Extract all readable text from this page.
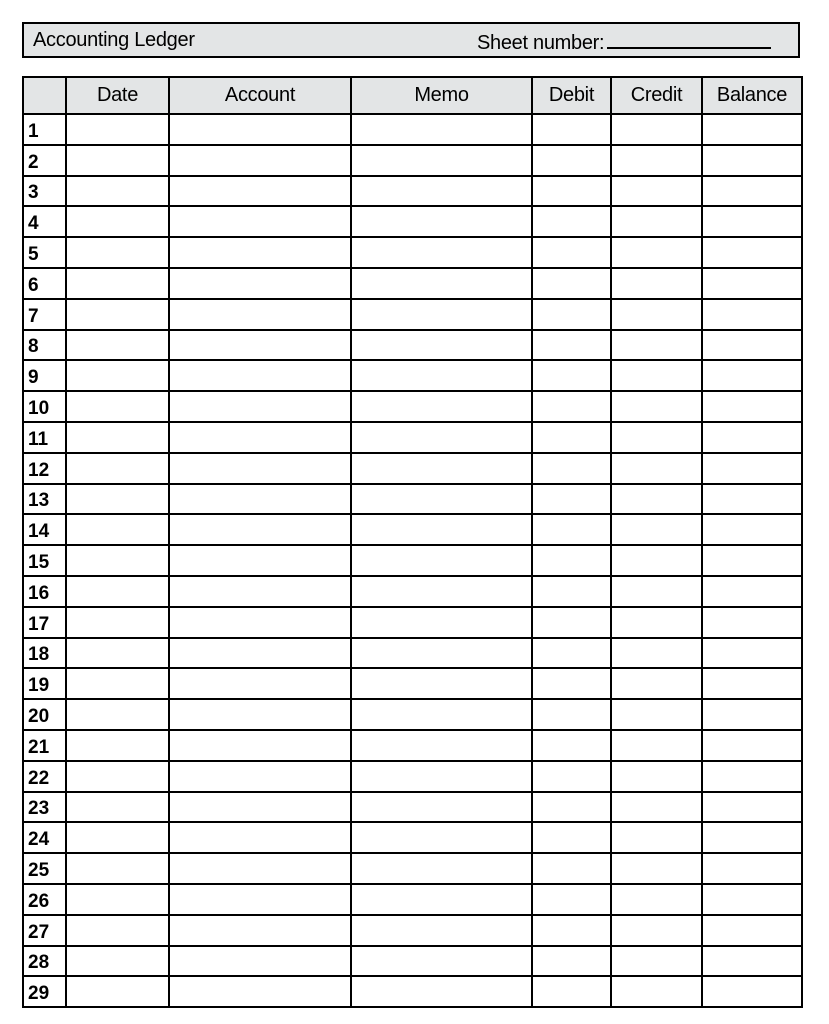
Accounting Ledger	Sheet number:
	Date	Account	Memo	Debit	Credit	Balance
1						
2						
3						
4						
5						
6						
7						
8						
9						
10						
11						
12						
13						
14						
15						
16						
17						
18						
19						
20						
21						
22						
23						
24						
25						
26						
27						
28						
29						
